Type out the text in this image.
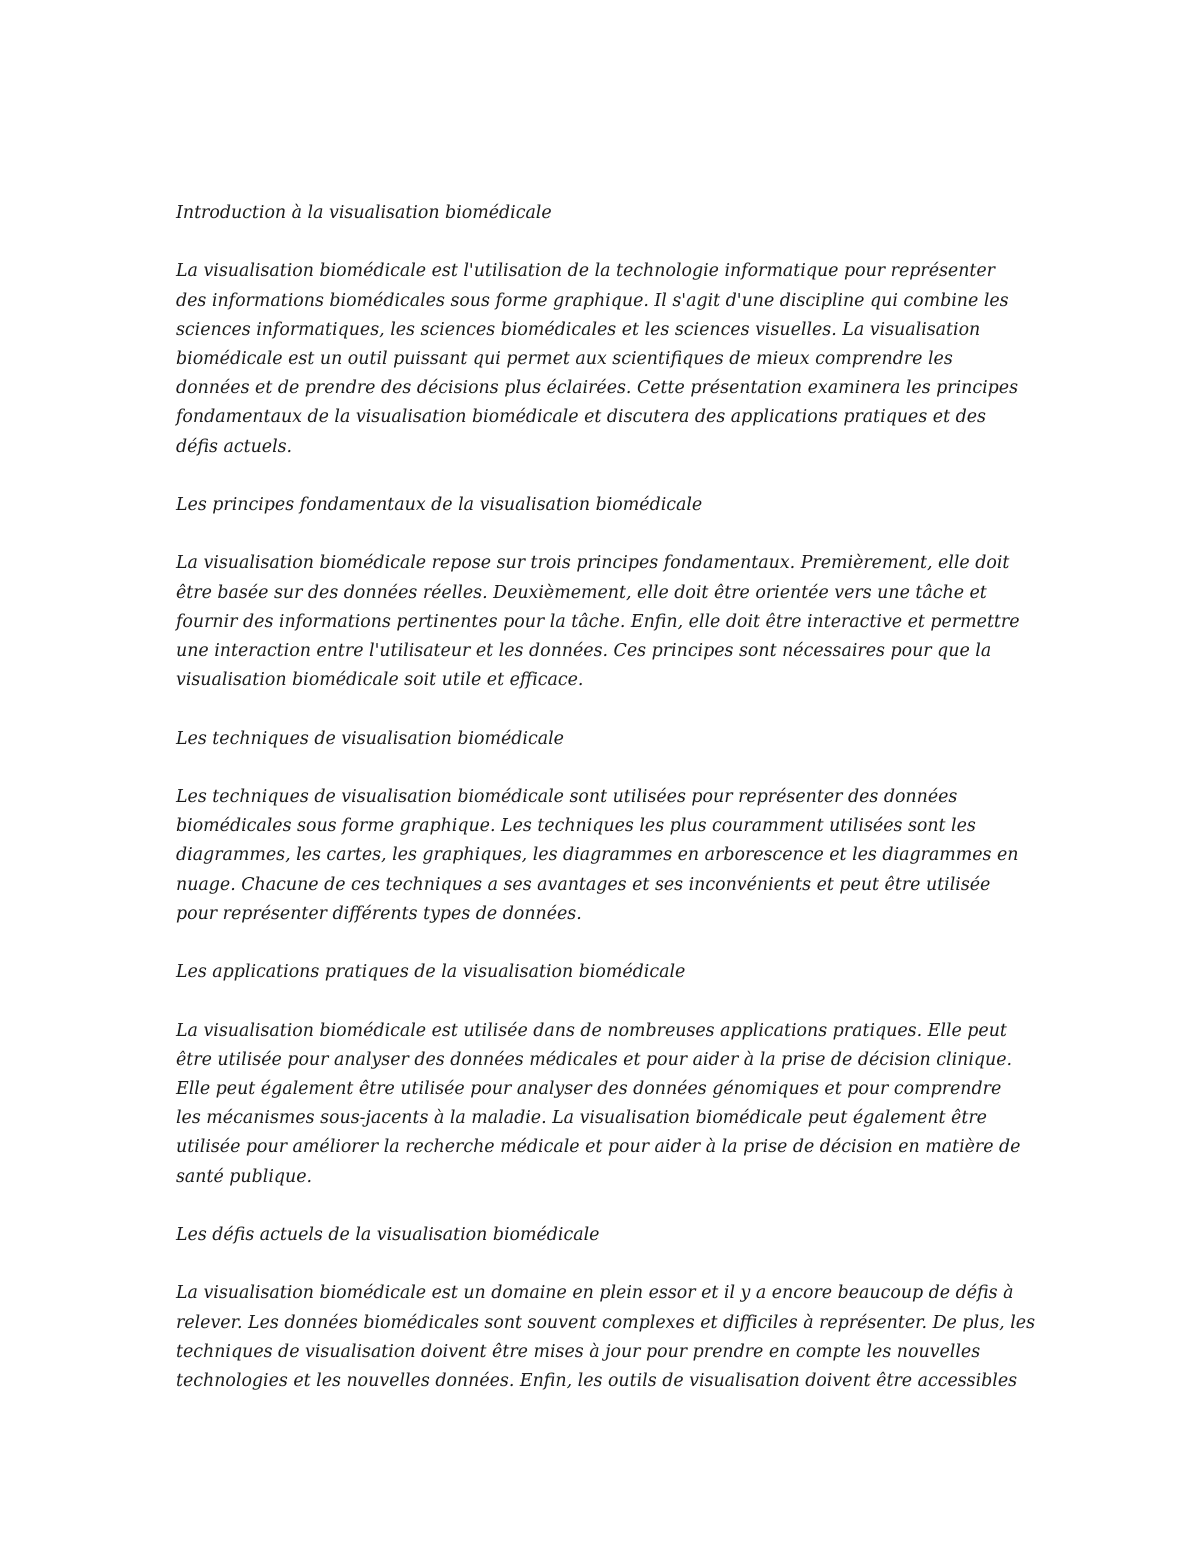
Introduction à la visualisation biomédicale

La visualisation biomédicale est l'utilisation de la technologie informatique pour représenter
des informations biomédicales sous forme graphique. Il s'agit d'une discipline qui combine les
sciences informatiques, les sciences biomédicales et les sciences visuelles. La visualisation
biomédicale est un outil puissant qui permet aux scientifiques de mieux comprendre les
données et de prendre des décisions plus éclairées. Cette présentation examinera les principes
fondamentaux de la visualisation biomédicale et discutera des applications pratiques et des
défis actuels.

Les principes fondamentaux de la visualisation biomédicale

La visualisation biomédicale repose sur trois principes fondamentaux. Premièrement, elle doit
être basée sur des données réelles. Deuxièmement, elle doit être orientée vers une tâche et
fournir des informations pertinentes pour la tâche. Enfin, elle doit être interactive et permettre
une interaction entre l'utilisateur et les données. Ces principes sont nécessaires pour que la
visualisation biomédicale soit utile et efficace.

Les techniques de visualisation biomédicale

Les techniques de visualisation biomédicale sont utilisées pour représenter des données
biomédicales sous forme graphique. Les techniques les plus couramment utilisées sont les
diagrammes, les cartes, les graphiques, les diagrammes en arborescence et les diagrammes en
nuage. Chacune de ces techniques a ses avantages et ses inconvénients et peut être utilisée
pour représenter différents types de données.

Les applications pratiques de la visualisation biomédicale

La visualisation biomédicale est utilisée dans de nombreuses applications pratiques. Elle peut
être utilisée pour analyser des données médicales et pour aider à la prise de décision clinique.
Elle peut également être utilisée pour analyser des données génomiques et pour comprendre
les mécanismes sous-jacents à la maladie. La visualisation biomédicale peut également être
utilisée pour améliorer la recherche médicale et pour aider à la prise de décision en matière de
santé publique.

Les défis actuels de la visualisation biomédicale

La visualisation biomédicale est un domaine en plein essor et il y a encore beaucoup de défis à
relever. Les données biomédicales sont souvent complexes et difficiles à représenter. De plus, les
techniques de visualisation doivent être mises à jour pour prendre en compte les nouvelles
technologies et les nouvelles données. Enfin, les outils de visualisation doivent être accessibles
